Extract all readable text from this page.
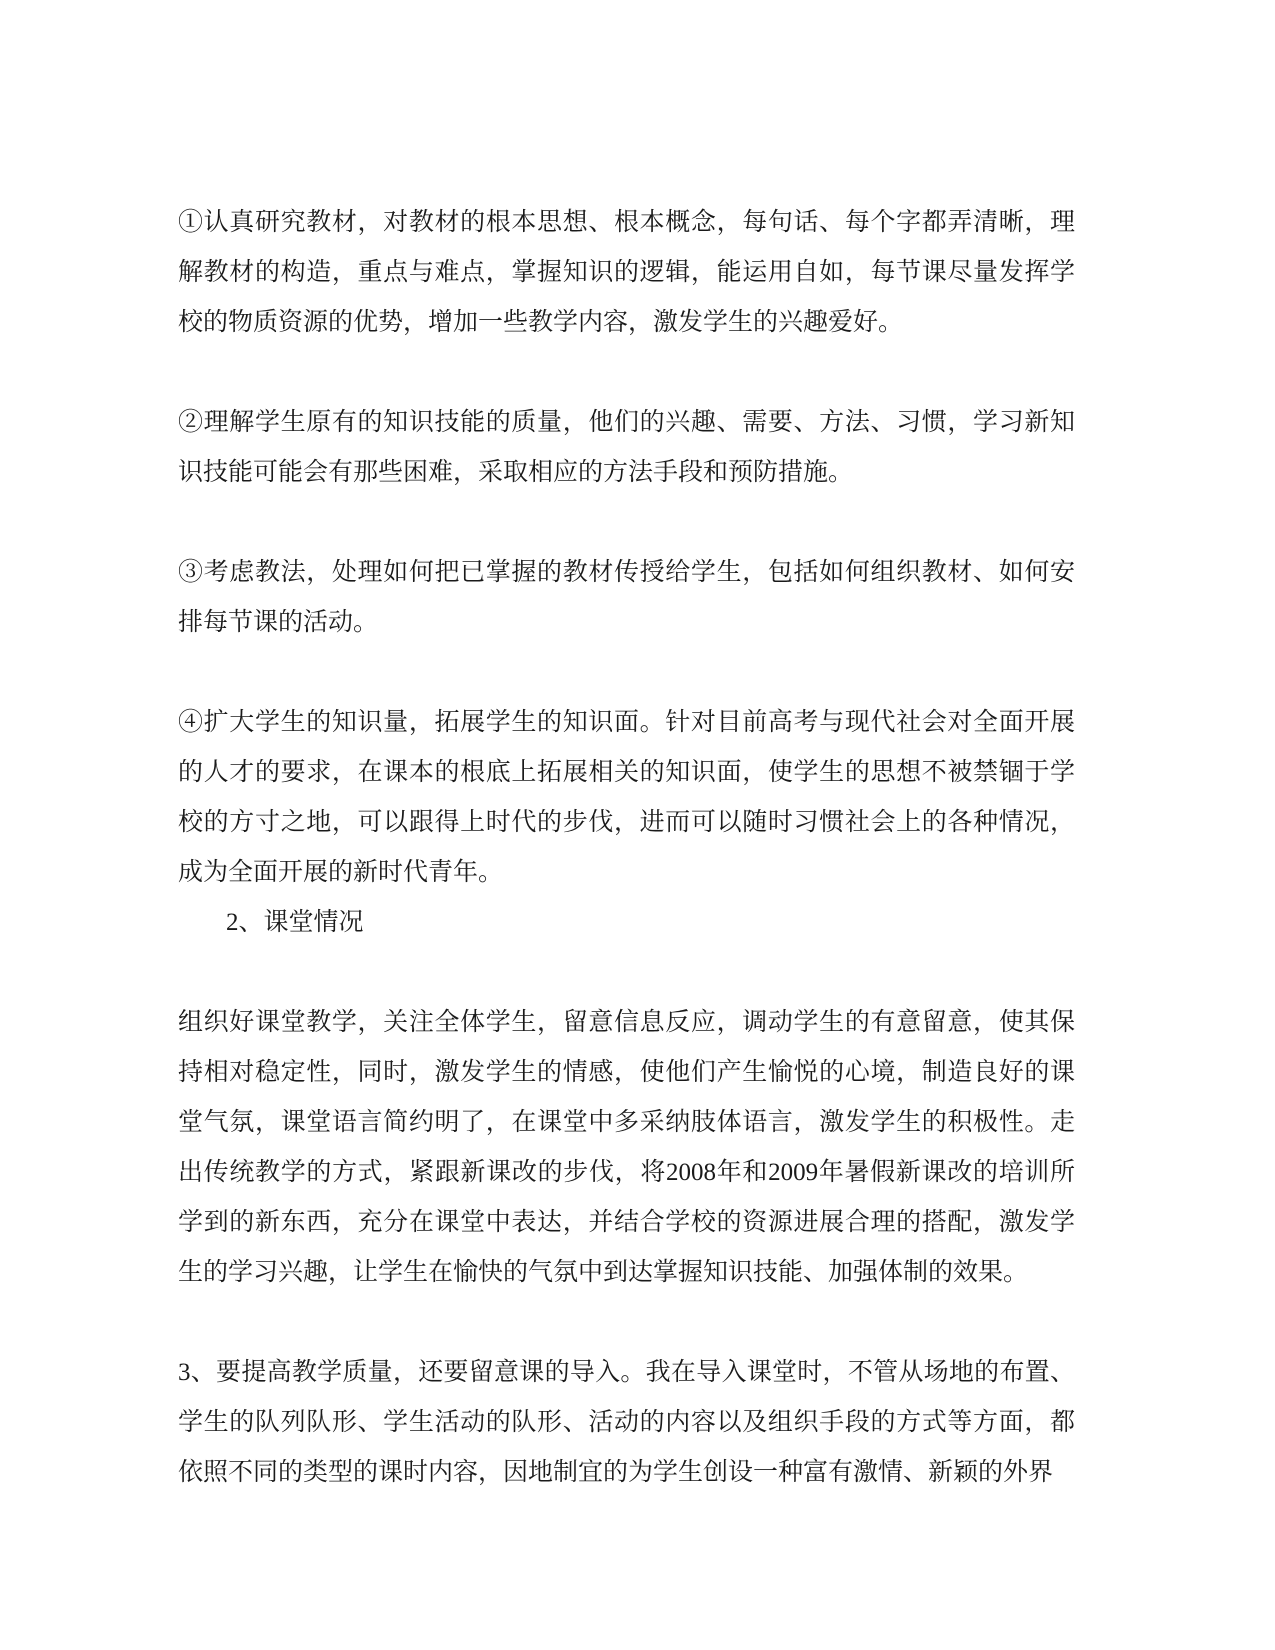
①认真研究教材，对教材的根本思想、根本概念，每句话、每个字都弄清晰，理解教材的构造，重点与难点，掌握知识的逻辑，能运用自如，每节课尽量发挥学校的物质资源的优势，增加一些教学内容，激发学生的兴趣爱好。

②理解学生原有的知识技能的质量，他们的兴趣、需要、方法、习惯，学习新知识技能可能会有那些困难，采取相应的方法手段和预防措施。

③考虑教法，处理如何把已掌握的教材传授给学生，包括如何组织教材、如何安排每节课的活动。

④扩大学生的知识量，拓展学生的知识面。针对目前高考与现代社会对全面开展的人才的要求，在课本的根底上拓展相关的知识面，使学生的思想不被禁锢于学校的方寸之地，可以跟得上时代的步伐，进而可以随时习惯社会上的各种情况，成为全面开展的新时代青年。

2、课堂情况

组织好课堂教学，关注全体学生，留意信息反应，调动学生的有意留意，使其保持相对稳定性，同时，激发学生的情感，使他们产生愉悦的心境，制造良好的课堂气氛，课堂语言简约明了，在课堂中多采纳肢体语言，激发学生的积极性。走出传统教学的方式，紧跟新课改的步伐，将2008年和2009年暑假新课改的培训所学到的新东西，充分在课堂中表达，并结合学校的资源进展合理的搭配，激发学生的学习兴趣，让学生在愉快的气氛中到达掌握知识技能、加强体制的效果。

3、要提高教学质量，还要留意课的导入。我在导入课堂时，不管从场地的布置、学生的队列队形、学生活动的队形、活动的内容以及组织手段的方式等方面，都依照不同的类型的课时内容，因地制宜的为学生创设一种富有激情、新颖的外界
